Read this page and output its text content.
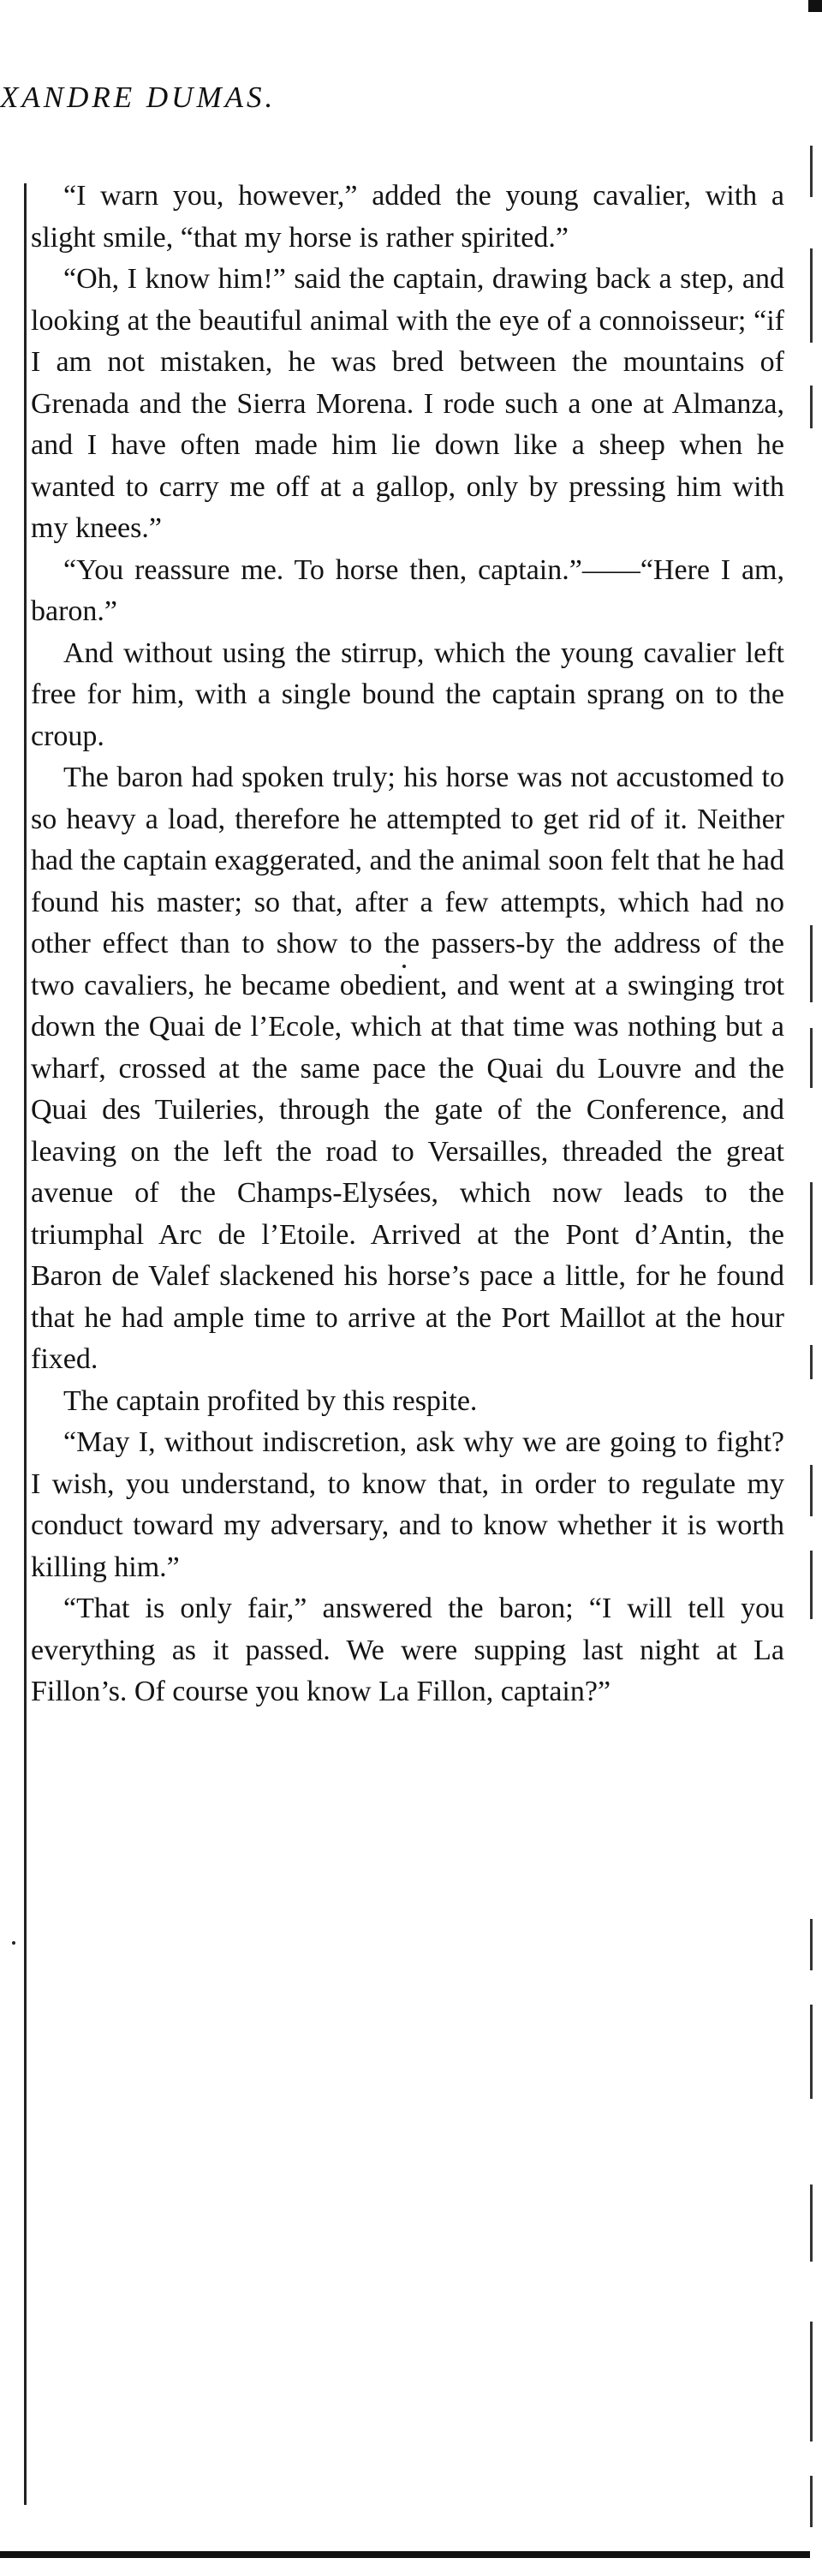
XANDRE DUMAS.

“I warn you, however,” added the young cavalier, with a slight smile, “that my horse is rather spirited.”

“Oh, I know him!” said the captain, drawing back a step, and looking at the beautiful animal with the eye of a connoisseur; “if I am not mistaken, he was bred between the mountains of Grenada and the Sierra Morena. I rode such a one at Almanza, and I have often made him lie down like a sheep when he wanted to carry me off at a gallop, only by pressing him with my knees.”

“You reassure me. To horse then, captain.”——“Here I am, baron.”

And without using the stirrup, which the young cavalier left free for him, with a single bound the captain sprang on to the croup.

The baron had spoken truly; his horse was not accustomed to so heavy a load, therefore he attempted to get rid of it. Neither had the captain exaggerated, and the animal soon felt that he had found his master; so that, after a few attempts, which had no other effect than to show to the passers-by the address of the two cavaliers, he became obedient, and went at a swinging trot down the Quai de l’Ecole, which at that time was nothing but a wharf, crossed at the same pace the Quai du Louvre and the Quai des Tuileries, through the gate of the Conference, and leaving on the left the road to Versailles, threaded the great avenue of the Champs-Elysées, which now leads to the triumphal Arc de l’Etoile. Arrived at the Pont d’Antin, the Baron de Valef slackened his horse’s pace a little, for he found that he had ample time to arrive at the Port Maillot at the hour fixed.

The captain profited by this respite.

“May I, without indiscretion, ask why we are going to fight? I wish, you understand, to know that, in order to regulate my conduct toward my adversary, and to know whether it is worth killing him.”

“That is only fair,” answered the baron; “I will tell you everything as it passed. We were supping last night at La Fillon’s. Of course you know La Fillon, captain?”
